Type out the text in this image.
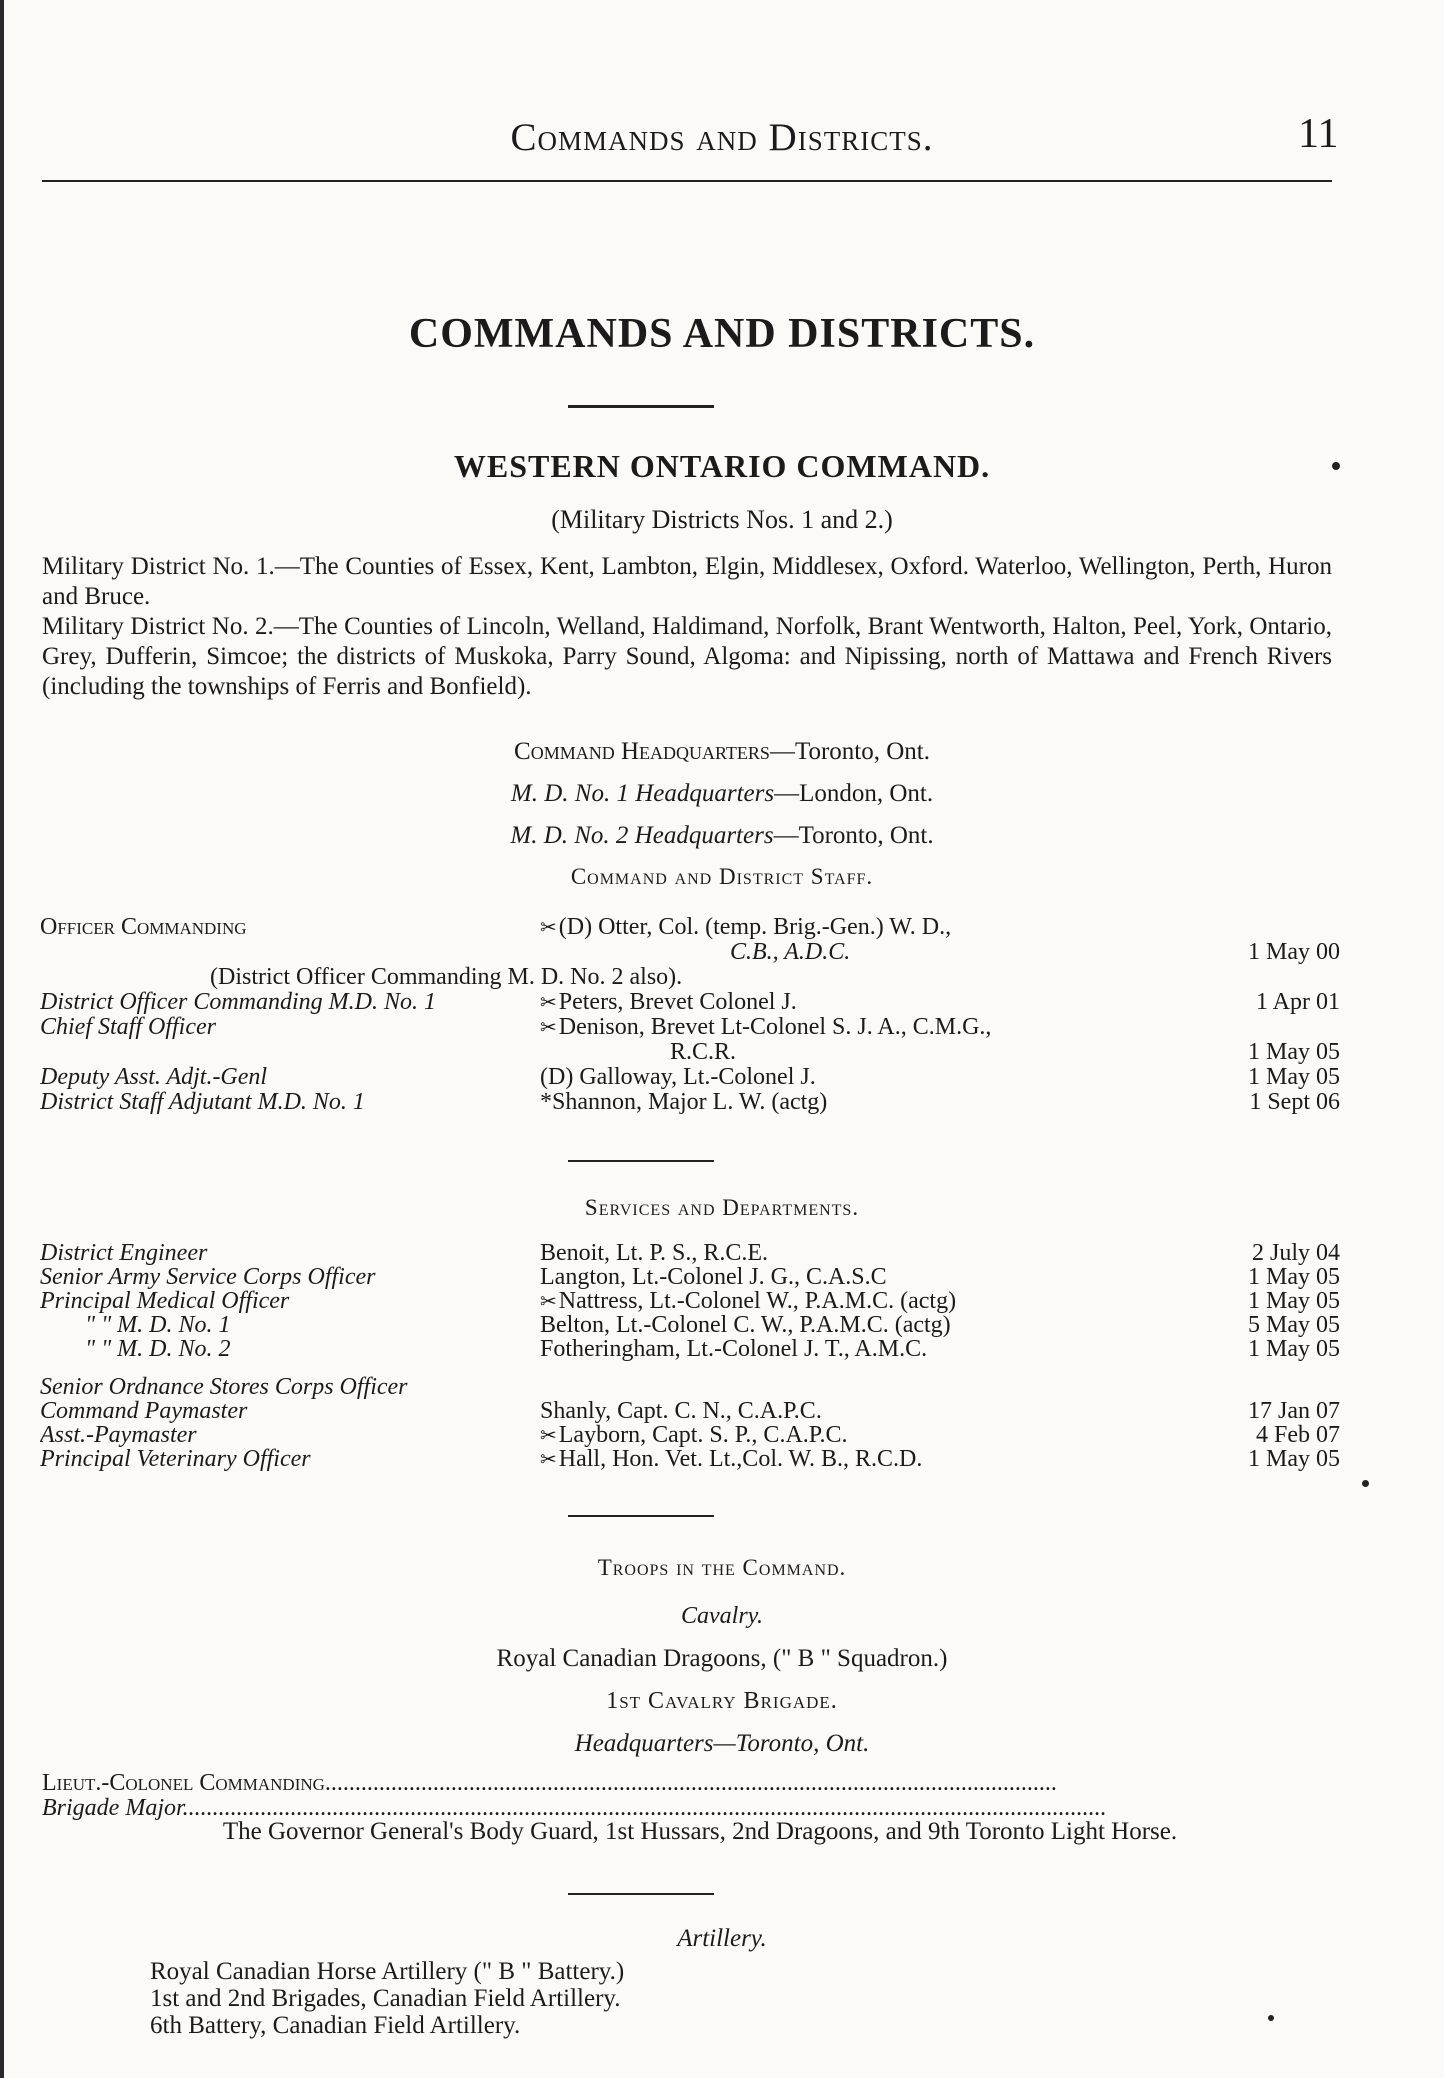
Commands and Districts.	11
COMMANDS AND DISTRICTS.
WESTERN ONTARIO COMMAND.
(Military Districts Nos. 1 and 2.)
Military District No. 1.—The Counties of Essex, Kent, Lambton, Elgin, Middlesex, Oxford. Waterloo, Wellington, Perth, Huron and Bruce.
Military District No. 2.—The Counties of Lincoln, Welland, Haldimand, Norfolk, Brant Wentworth, Halton, Peel, York, Ontario, Grey, Dufferin, Simcoe; the districts of Muskoka, Parry Sound, Algoma: and Nipissing, north of Mattawa and French Rivers (including the townships of Ferris and Bonfield).
Command Headquarters—Toronto, Ont.
M. D. No. 1 Headquarters—London, Ont.
M. D. No. 2 Headquarters—Toronto, Ont.
Command and District Staff.
Officer Commanding	✂(D) Otter, Col. (temp. Brig.-Gen.) W. D.,
C.B., A.D.C.	1 May 00
(District Officer Commanding M. D. No. 2 also).
District Officer Commanding M.D. No. 1	✂Peters, Brevet Colonel J.	1 Apr 01
Chief Staff Officer	✂Denison, Brevet Lt-Colonel S. J. A., C.M.G.,
R.C.R.	1 May 05
Deputy Asst. Adjt.-Genl	(D) Galloway, Lt.-Colonel J.	1 May 05
District Staff Adjutant M.D. No. 1	*Shannon, Major L. W. (actg)	1 Sept 06
Services and Departments.
District Engineer	Benoit, Lt. P. S., R.C.E.	2 July 04
Senior Army Service Corps Officer	Langton, Lt.-Colonel J. G., C.A.S.C	1 May 05
Principal Medical Officer	✂Nattress, Lt.-Colonel W., P.A.M.C. (actg)	1 May 05
" " M. D. No. 1	Belton, Lt.-Colonel C. W., P.A.M.C. (actg)	5 May 05
" " M. D. No. 2	Fotheringham, Lt.-Colonel J. T., A.M.C.	1 May 05
Senior Ordnance Stores Corps Officer
Command Paymaster	Shanly, Capt. C. N., C.A.P.C.	17 Jan 07
Asst.-Paymaster	✂Layborn, Capt. S. P., C.A.P.C.	4 Feb 07
Principal Veterinary Officer	✂Hall, Hon. Vet. Lt.,Col. W. B., R.C.D.	1 May 05
Troops in the Command.
Cavalry.
Royal Canadian Dragoons, (" B " Squadron.)
1st Cavalry Brigade.
Headquarters—Toronto, Ont.
Lieut.-Colonel Commanding..........................................................................................................................
Brigade Major..........................................................................................................................................................
The Governor General's Body Guard, 1st Hussars, 2nd Dragoons, and 9th Toronto Light Horse.
Artillery.
Royal Canadian Horse Artillery (" B " Battery.)
1st and 2nd Brigades, Canadian Field Artillery.
6th Battery, Canadian Field Artillery.
